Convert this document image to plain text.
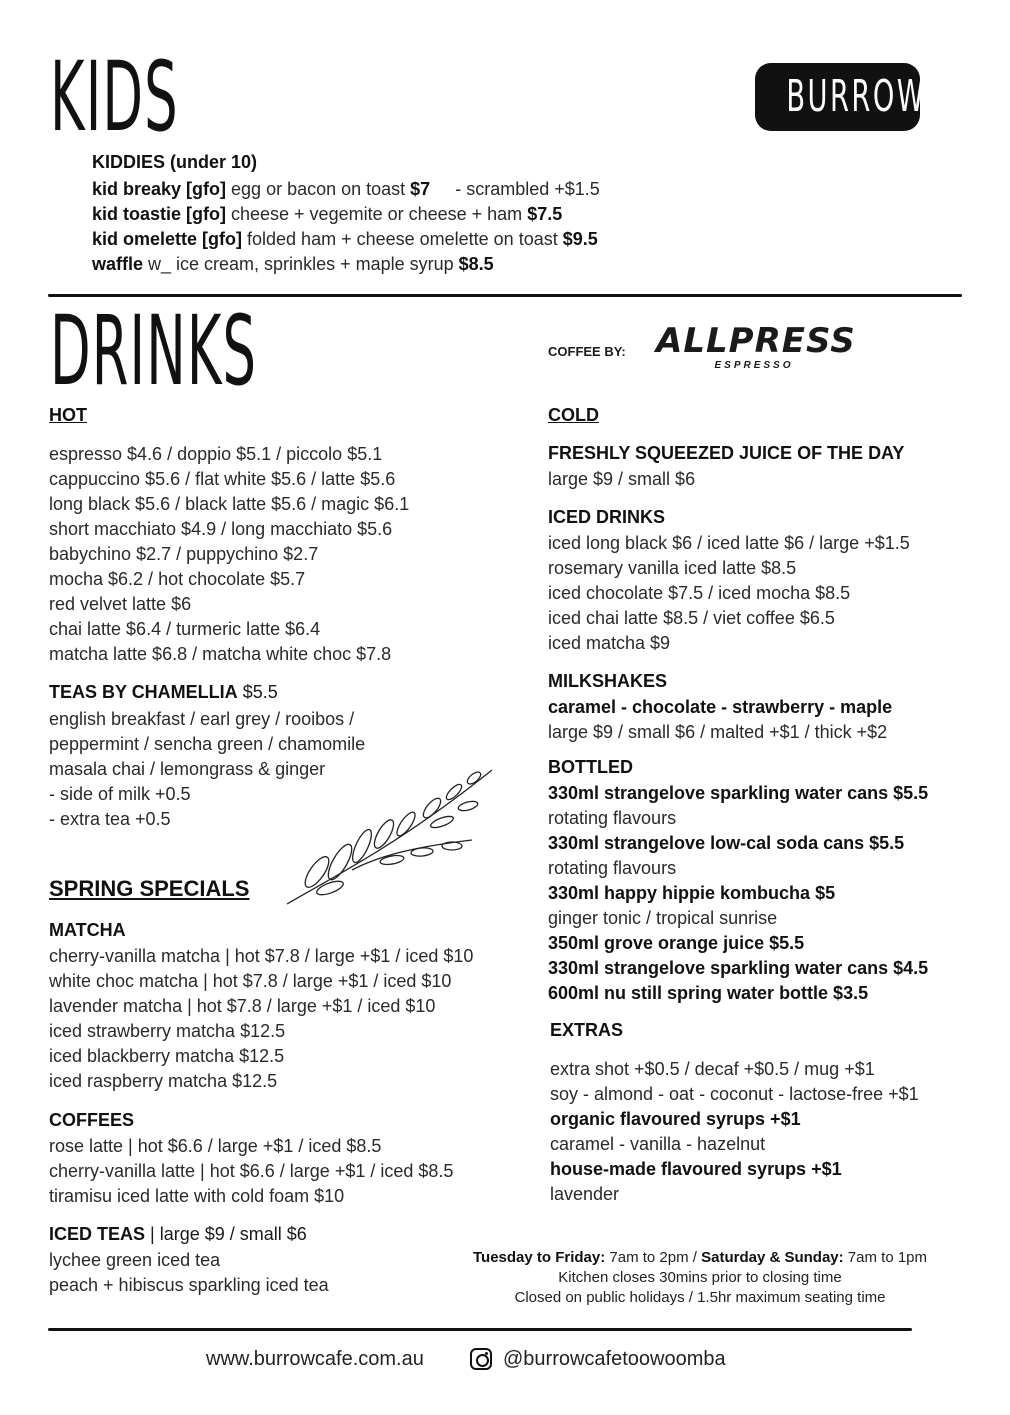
KIDS	BURROW
KIDDIES (under 10)
kid breaky [gfo] egg or bacon on toast $7     - scrambled +$1.5
kid toastie [gfo] cheese + vegemite or cheese + ham $7.5
kid omelette [gfo] folded ham + cheese omelette on toast $9.5
waffle w_ ice cream, sprinkles + maple syrup $8.5
DRINKS	COFFEE BY: ALLPRESS
ESPRESSO
HOT
espresso $4.6 / doppio $5.1 / piccolo $5.1
cappuccino $5.6 / flat white $5.6 / latte $5.6
long black $5.6 / black latte $5.6 / magic $6.1
short macchiato $4.9 / long macchiato $5.6
babychino $2.7 / puppychino $2.7
mocha $6.2 / hot chocolate $5.7
red velvet latte $6
chai latte $6.4 / turmeric latte $6.4
matcha latte $6.8 / matcha white choc $7.8
TEAS BY CHAMELLIA $5.5
english breakfast / earl grey / rooibos /
peppermint / sencha green / chamomile
masala chai / lemongrass & ginger
- side of milk +0.5
- extra tea +0.5
SPRING SPECIALS
MATCHA
cherry-vanilla matcha | hot $7.8 / large +$1 / iced $10
white choc matcha | hot $7.8 / large +$1 / iced $10
lavender matcha | hot $7.8 / large +$1 / iced $10
iced strawberry matcha $12.5
iced blackberry matcha $12.5
iced raspberry matcha $12.5
COFFEES
rose latte | hot $6.6 / large +$1 / iced $8.5
cherry-vanilla latte | hot $6.6 / large +$1 / iced $8.5
tiramisu iced latte with cold foam $10
ICED TEAS | large $9 / small $6
lychee green iced tea
peach + hibiscus sparkling iced tea
COLD
FRESHLY SQUEEZED JUICE OF THE DAY
large $9 / small $6
ICED DRINKS
iced long black $6 / iced latte $6 / large +$1.5
rosemary vanilla iced latte $8.5
iced chocolate $7.5 / iced mocha $8.5
iced chai latte $8.5 / viet coffee $6.5
iced matcha $9
MILKSHAKES
caramel - chocolate - strawberry - maple
large $9 / small $6 / malted +$1 / thick +$2
BOTTLED
330ml strangelove sparkling water cans $5.5
rotating flavours
330ml strangelove low-cal soda cans $5.5
rotating flavours
330ml happy hippie kombucha $5
ginger tonic / tropical sunrise
350ml grove orange juice $5.5
330ml strangelove sparkling water cans $4.5
600ml nu still spring water bottle $3.5
EXTRAS
extra shot +$0.5 / decaf +$0.5 / mug +$1
soy - almond - oat - coconut - lactose-free +$1
organic flavoured syrups +$1
caramel - vanilla - hazelnut
house-made flavoured syrups +$1
lavender
Tuesday to Friday: 7am to 2pm / Saturday & Sunday: 7am to 1pm
Kitchen closes 30mins prior to closing time
Closed on public holidays / 1.5hr maximum seating time
www.burrowcafe.com.au	@burrowcafetoowoomba
